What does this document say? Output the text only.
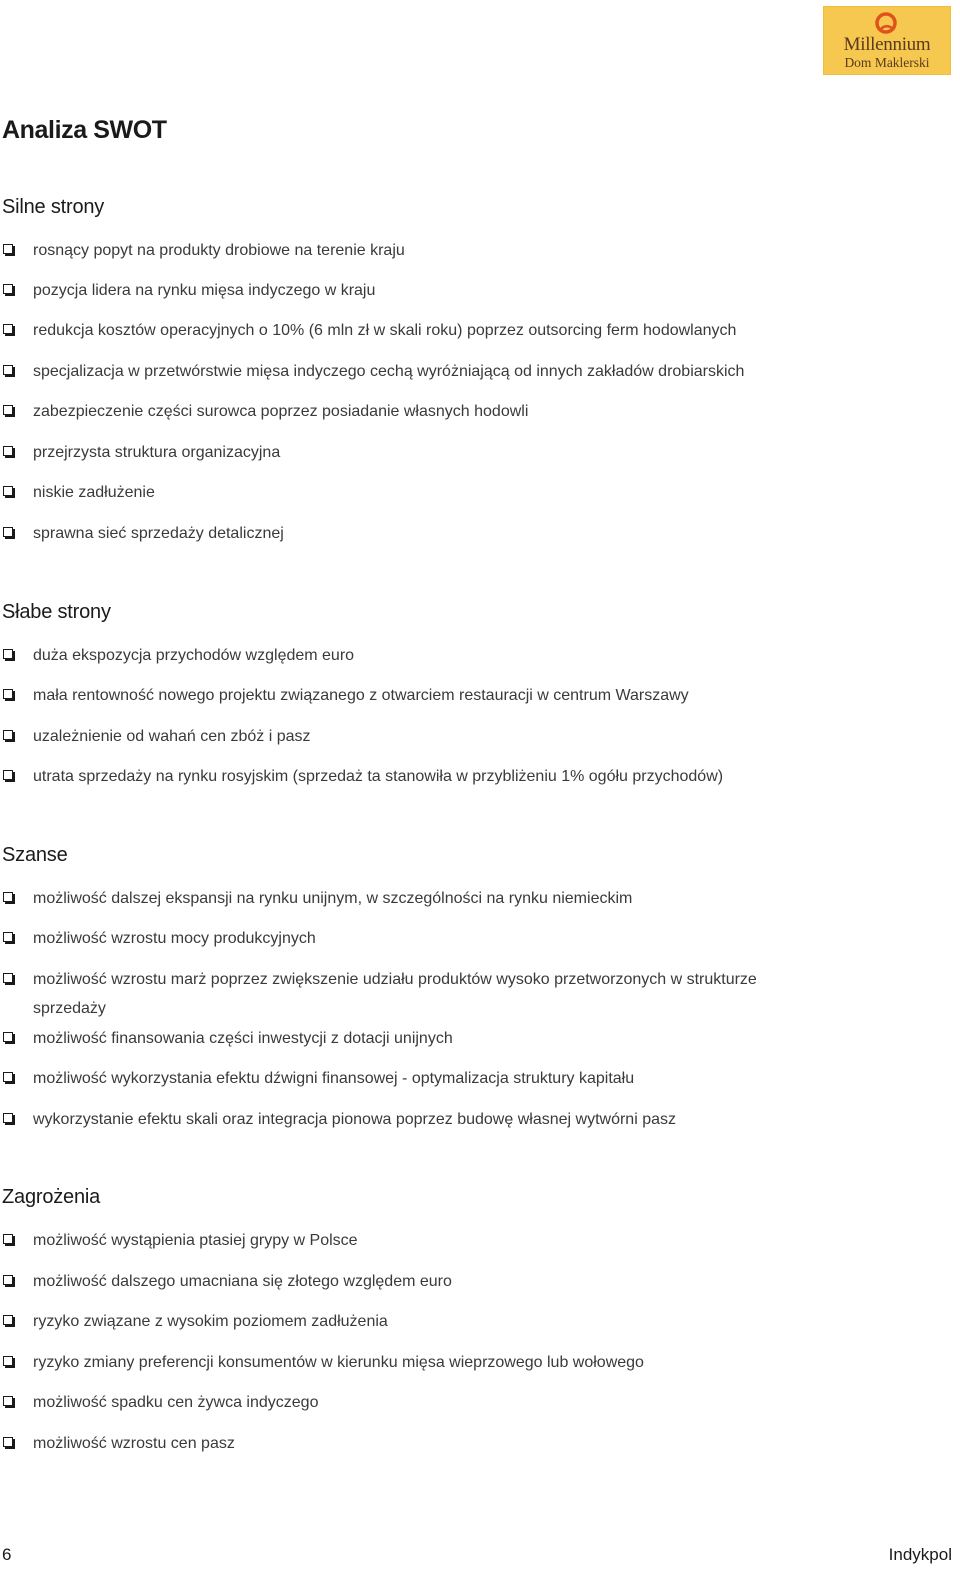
Millennium
Dom Maklerski
Analiza SWOT
Silne strony
rosnący popyt na produkty drobiowe na terenie kraju
pozycja lidera na rynku mięsa indyczego w kraju
redukcja kosztów operacyjnych o 10% (6 mln zł w skali roku) poprzez outsorcing ferm hodowlanych
specjalizacja w przetwórstwie mięsa indyczego cechą wyróżniającą od innych zakładów drobiarskich
zabezpieczenie części surowca poprzez posiadanie własnych hodowli
przejrzysta struktura organizacyjna
niskie zadłużenie
sprawna sieć sprzedaży detalicznej
Słabe strony
duża ekspozycja przychodów względem euro
mała rentowność nowego projektu związanego z otwarciem restauracji w centrum Warszawy
uzależnienie od wahań cen zbóż i pasz
utrata sprzedaży na rynku rosyjskim (sprzedaż ta stanowiła w przybliżeniu 1% ogółu przychodów)
Szanse
możliwość dalszej ekspansji na rynku unijnym, w szczególności na rynku niemieckim
możliwość wzrostu mocy produkcyjnych
możliwość wzrostu marż poprzez zwiększenie udziału produktów wysoko przetworzonych w strukturze sprzedaży
możliwość finansowania części inwestycji z dotacji unijnych
możliwość wykorzystania efektu dźwigni finansowej - optymalizacja struktury kapitału
wykorzystanie efektu skali oraz integracja pionowa poprzez budowę własnej wytwórni pasz
Zagrożenia
możliwość wystąpienia ptasiej grypy w Polsce
możliwość dalszego umacniana się złotego względem euro
ryzyko związane z wysokim poziomem zadłużenia
ryzyko zmiany preferencji konsumentów w kierunku mięsa wieprzowego lub wołowego
możliwość spadku cen żywca indyczego
możliwość wzrostu cen pasz
6	Indykpol
